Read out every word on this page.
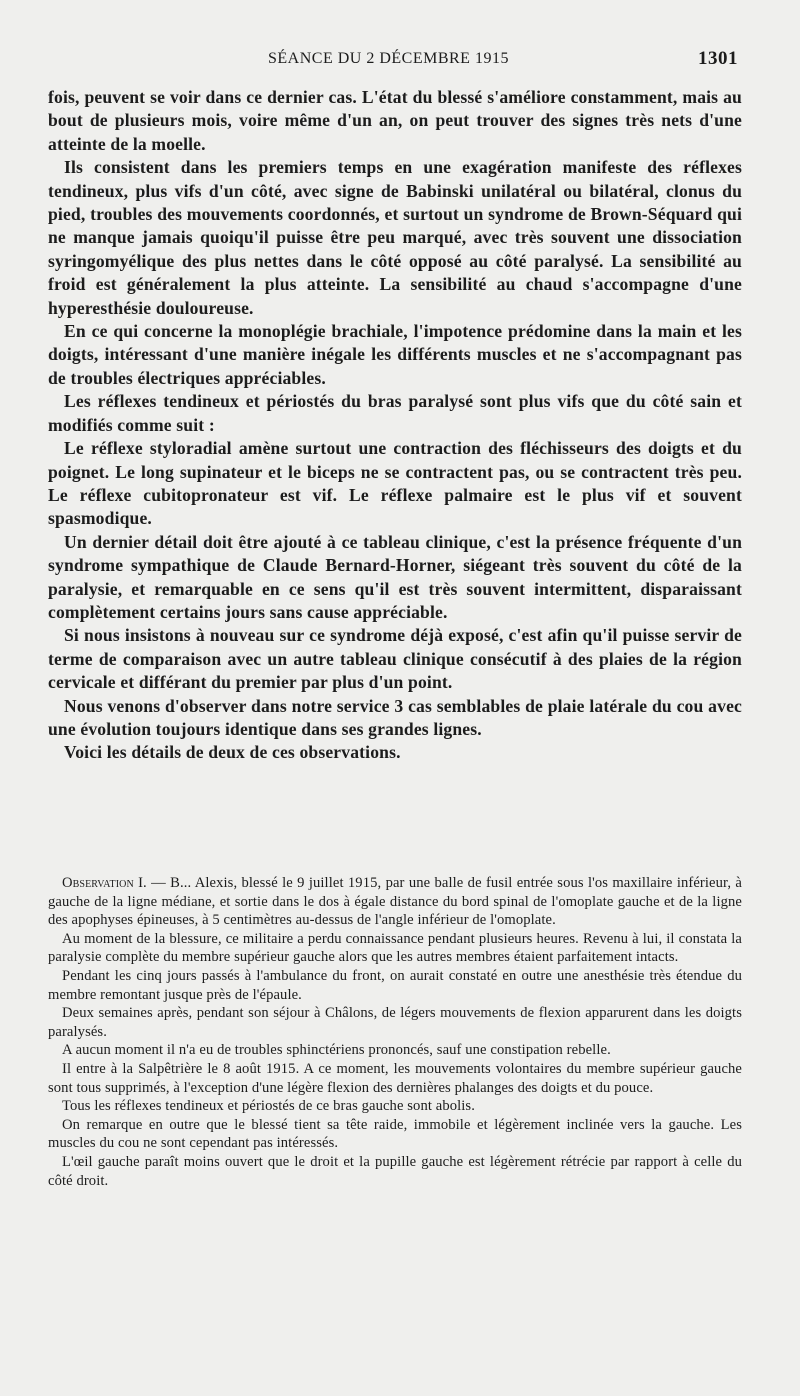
SÉANCE DU 2 DÉCEMBRE 1915	1301

fois, peuvent se voir dans ce dernier cas. L'état du blessé s'améliore constamment, mais au bout de plusieurs mois, voire même d'un an, on peut trouver des signes très nets d'une atteinte de la moelle.

Ils consistent dans les premiers temps en une exagération manifeste des réflexes tendineux, plus vifs d'un côté, avec signe de Babinski unilatéral ou bilatéral, clonus du pied, troubles des mouvements coordonnés, et surtout un syndrome de Brown-Séquard qui ne manque jamais quoiqu'il puisse être peu marqué, avec très souvent une dissociation syringomyélique des plus nettes dans le côté opposé au côté paralysé. La sensibilité au froid est généralement la plus atteinte. La sensibilité au chaud s'accompagne d'une hyperesthésie douloureuse.

En ce qui concerne la monoplégie brachiale, l'impotence prédomine dans la main et les doigts, intéressant d'une manière inégale les différents muscles et ne s'accompagnant pas de troubles électriques appréciables.

Les réflexes tendineux et périostés du bras paralysé sont plus vifs que du côté sain et modifiés comme suit :

Le réflexe styloradial amène surtout une contraction des fléchisseurs des doigts et du poignet. Le long supinateur et le biceps ne se contractent pas, ou se contractent très peu. Le réflexe cubitopronateur est vif. Le réflexe palmaire est le plus vif et souvent spasmodique.

Un dernier détail doit être ajouté à ce tableau clinique, c'est la présence fréquente d'un syndrome sympathique de Claude Bernard-Horner, siégeant très souvent du côté de la paralysie, et remarquable en ce sens qu'il est très souvent intermittent, disparaissant complètement certains jours sans cause appréciable.

Si nous insistons à nouveau sur ce syndrome déjà exposé, c'est afin qu'il puisse servir de terme de comparaison avec un autre tableau clinique consécutif à des plaies de la région cervicale et différant du premier par plus d'un point.

Nous venons d'observer dans notre service 3 cas semblables de plaie latérale du cou avec une évolution toujours identique dans ses grandes lignes.

Voici les détails de deux de ces observations.

Observation I. — B... Alexis, blessé le 9 juillet 1915, par une balle de fusil entrée sous l'os maxillaire inférieur, à gauche de la ligne médiane, et sortie dans le dos à égale distance du bord spinal de l'omoplate gauche et de la ligne des apophyses épineuses, à 5 centimètres au-dessus de l'angle inférieur de l'omoplate.

Au moment de la blessure, ce militaire a perdu connaissance pendant plusieurs heures. Revenu à lui, il constata la paralysie complète du membre supérieur gauche alors que les autres membres étaient parfaitement intacts.

Pendant les cinq jours passés à l'ambulance du front, on aurait constaté en outre une anesthésie très étendue du membre remontant jusque près de l'épaule.

Deux semaines après, pendant son séjour à Châlons, de légers mouvements de flexion apparurent dans les doigts paralysés.

A aucun moment il n'a eu de troubles sphinctériens prononcés, sauf une constipation rebelle.

Il entre à la Salpêtrière le 8 août 1915. A ce moment, les mouvements volontaires du membre supérieur gauche sont tous supprimés, à l'exception d'une légère flexion des dernières phalanges des doigts et du pouce.

Tous les réflexes tendineux et périostés de ce bras gauche sont abolis.

On remarque en outre que le blessé tient sa tête raide, immobile et légèrement inclinée vers la gauche. Les muscles du cou ne sont cependant pas intéressés.

L'œil gauche paraît moins ouvert que le droit et la pupille gauche est légèrement rétrécie par rapport à celle du côté droit.
